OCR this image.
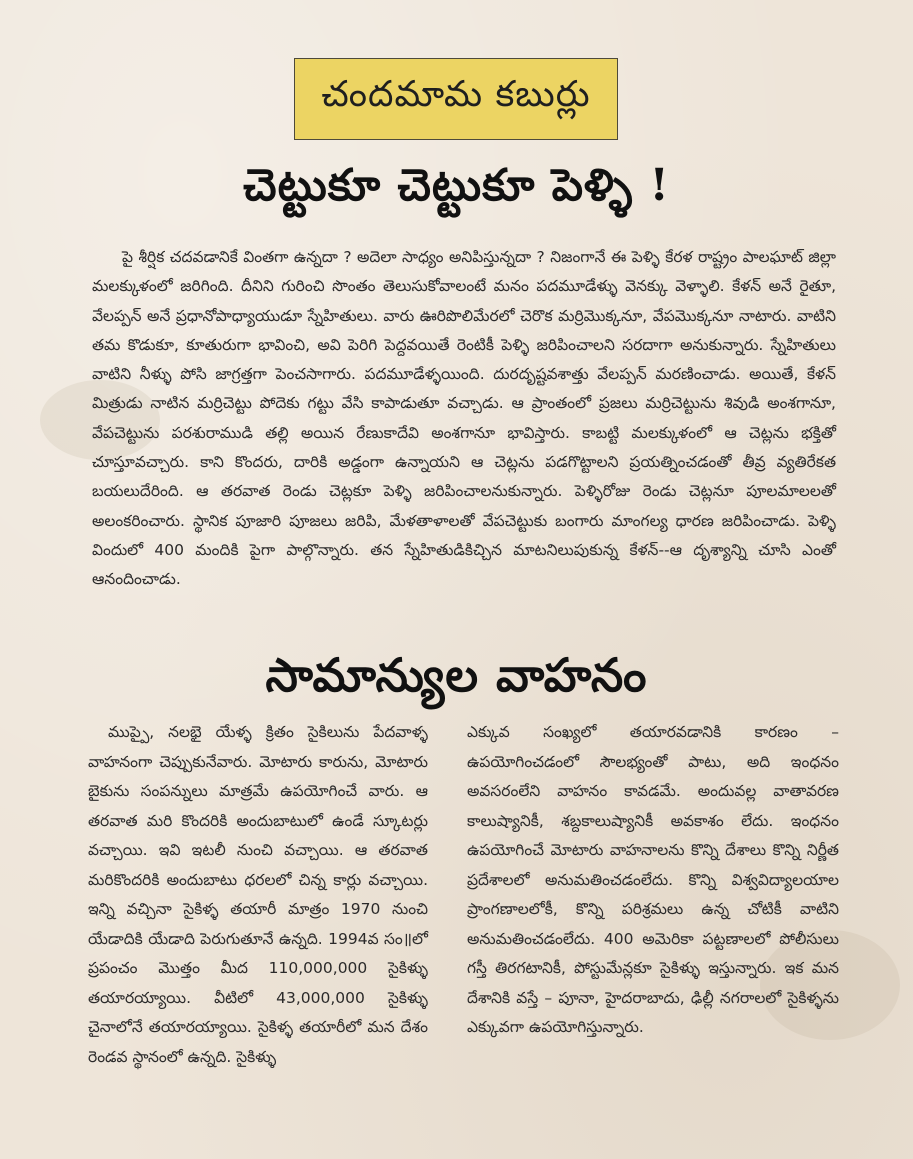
చందమామ కబుర్లు
చెట్టుకూ చెట్టుకూ పెళ్ళి !
పై శీర్షిక చదవడానికే వింతగా ఉన్నదా ? అదెలా సాధ్యం అనిపిస్తున్నదా ? నిజంగానే ఈ పెళ్ళి కేరళ రాష్ట్రం పాలఘాట్ జిల్లా మలక్కుళంలో జరిగింది. దీనిని గురించి సొంతం తెలుసుకోవాలంటే మనం పదమూడేళ్ళు వెనక్కు వెళ్ళాలి. కేళన్ అనే రైతూ, వేలప్పన్ అనే ప్రధానోపాధ్యాయుడూ స్నేహితులు. వారు ఊరిపొలిమేరలో చెరొక మర్రిమొక్కనూ, వేపమొక్కనూ నాటారు. వాటిని తమ కొడుకూ, కూతురుగా భావించి, అవి పెరిగి పెద్దవయితే రెంటికీ పెళ్ళి జరిపించాలని సరదాగా అనుకున్నారు. స్నేహితులు వాటిని నీళ్ళు పోసి జాగ్రత్తగా పెంచసాగారు. పదమూడేళ్ళయింది. దురదృష్టవశాత్తు వేలప్పన్ మరణించాడు. అయితే, కేళన్ మిత్రుడు నాటిన మర్రిచెట్టు పోదెకు గట్టు వేసి కాపాడుతూ వచ్చాడు. ఆ ప్రాంతంలో ప్రజలు మర్రిచెట్టును శివుడి అంశగానూ, వేపచెట్టును పరశురాముడి తల్లి అయిన రేణుకాదేవి అంశగానూ భావిస్తారు. కాబట్టి మలక్కుళంలో ఆ చెట్లను భక్తితో చూస్తూవచ్చారు. కాని కొందరు, దారికి అడ్డంగా ఉన్నాయని ఆ చెట్లను పడగొట్టాలని ప్రయత్నించడంతో తీవ్ర వ్యతిరేకత బయలుదేరింది. ఆ తరవాత రెండు చెట్లకూ పెళ్ళి జరిపించాలనుకున్నారు. పెళ్ళిరోజు రెండు చెట్లనూ పూలమాలలతో అలంకరించారు. స్థానిక పూజారి పూజలు జరిపి, మేళతాళాలతో వేపచెట్టుకు బంగారు మాంగల్య ధారణ జరిపించాడు. పెళ్ళి విందులో 400 మందికి పైగా పాల్గొన్నారు. తన స్నేహితుడికిచ్చిన మాటనిలుపుకున్న కేళన్--ఆ దృశ్యాన్ని చూసి ఎంతో ఆనందించాడు.
సామాన్యుల వాహనం
ముప్పై, నలభై యేళ్ళ క్రితం సైకిలును పేదవాళ్ళ వాహనంగా చెప్పుకునేవారు. మోటారు కారును, మోటారు బైకును సంపన్నులు మాత్రమే ఉపయోగించే వారు. ఆ తరవాత మరి కొందరికి అందుబాటులో ఉండే స్కూటర్లు వచ్చాయి. ఇవి ఇటలీ నుంచి వచ్చాయి. ఆ తరవాత మరికొందరికి అందుబాటు ధరలలో చిన్న కార్లు వచ్చాయి. ఇన్ని వచ్చినా సైకిళ్ళ తయారీ మాత్రం 1970 నుంచి యేడాదికి యేడాది పెరుగుతూనే ఉన్నది. 1994వ సం॥లో ప్రపంచం మొత్తం మీద 110,000,000 సైకిళ్ళు తయారయ్యాయి. వీటిలో 43,000,000 సైకిళ్ళు చైనాలోనే తయారయ్యాయి. సైకిళ్ళ తయారీలో మన దేశం రెండవ స్థానంలో ఉన్నది. సైకిళ్ళు
ఎక్కువ సంఖ్యలో తయారవడానికి కారణం – ఉపయోగించడంలో సౌలభ్యంతో పాటు, అది ఇంధనం అవసరంలేని వాహనం కావడమే. అందువల్ల వాతావరణ కాలుష్యానికీ, శబ్దకాలుష్యానికీ అవకాశం లేదు. ఇంధనం ఉపయోగించే మోటారు వాహనాలను కొన్ని దేశాలు కొన్ని నిర్ణీత ప్రదేశాలలో అనుమతించడంలేదు. కొన్ని విశ్వవిద్యాలయాల ప్రాంగణాలలోకీ, కొన్ని పరిశ్రమలు ఉన్న చోటికీ వాటిని అనుమతించడంలేదు. 400 అమెరికా పట్టణాలలో పోలీసులు గస్తీ తిరగటానికీ, పోస్టుమేన్లకూ సైకిళ్ళు ఇస్తున్నారు. ఇక మన దేశానికి వస్తే – పూనా, హైదరాబాదు, ఢిల్లీ నగరాలలో సైకిళ్ళను ఎక్కువగా ఉపయోగిస్తున్నారు.
